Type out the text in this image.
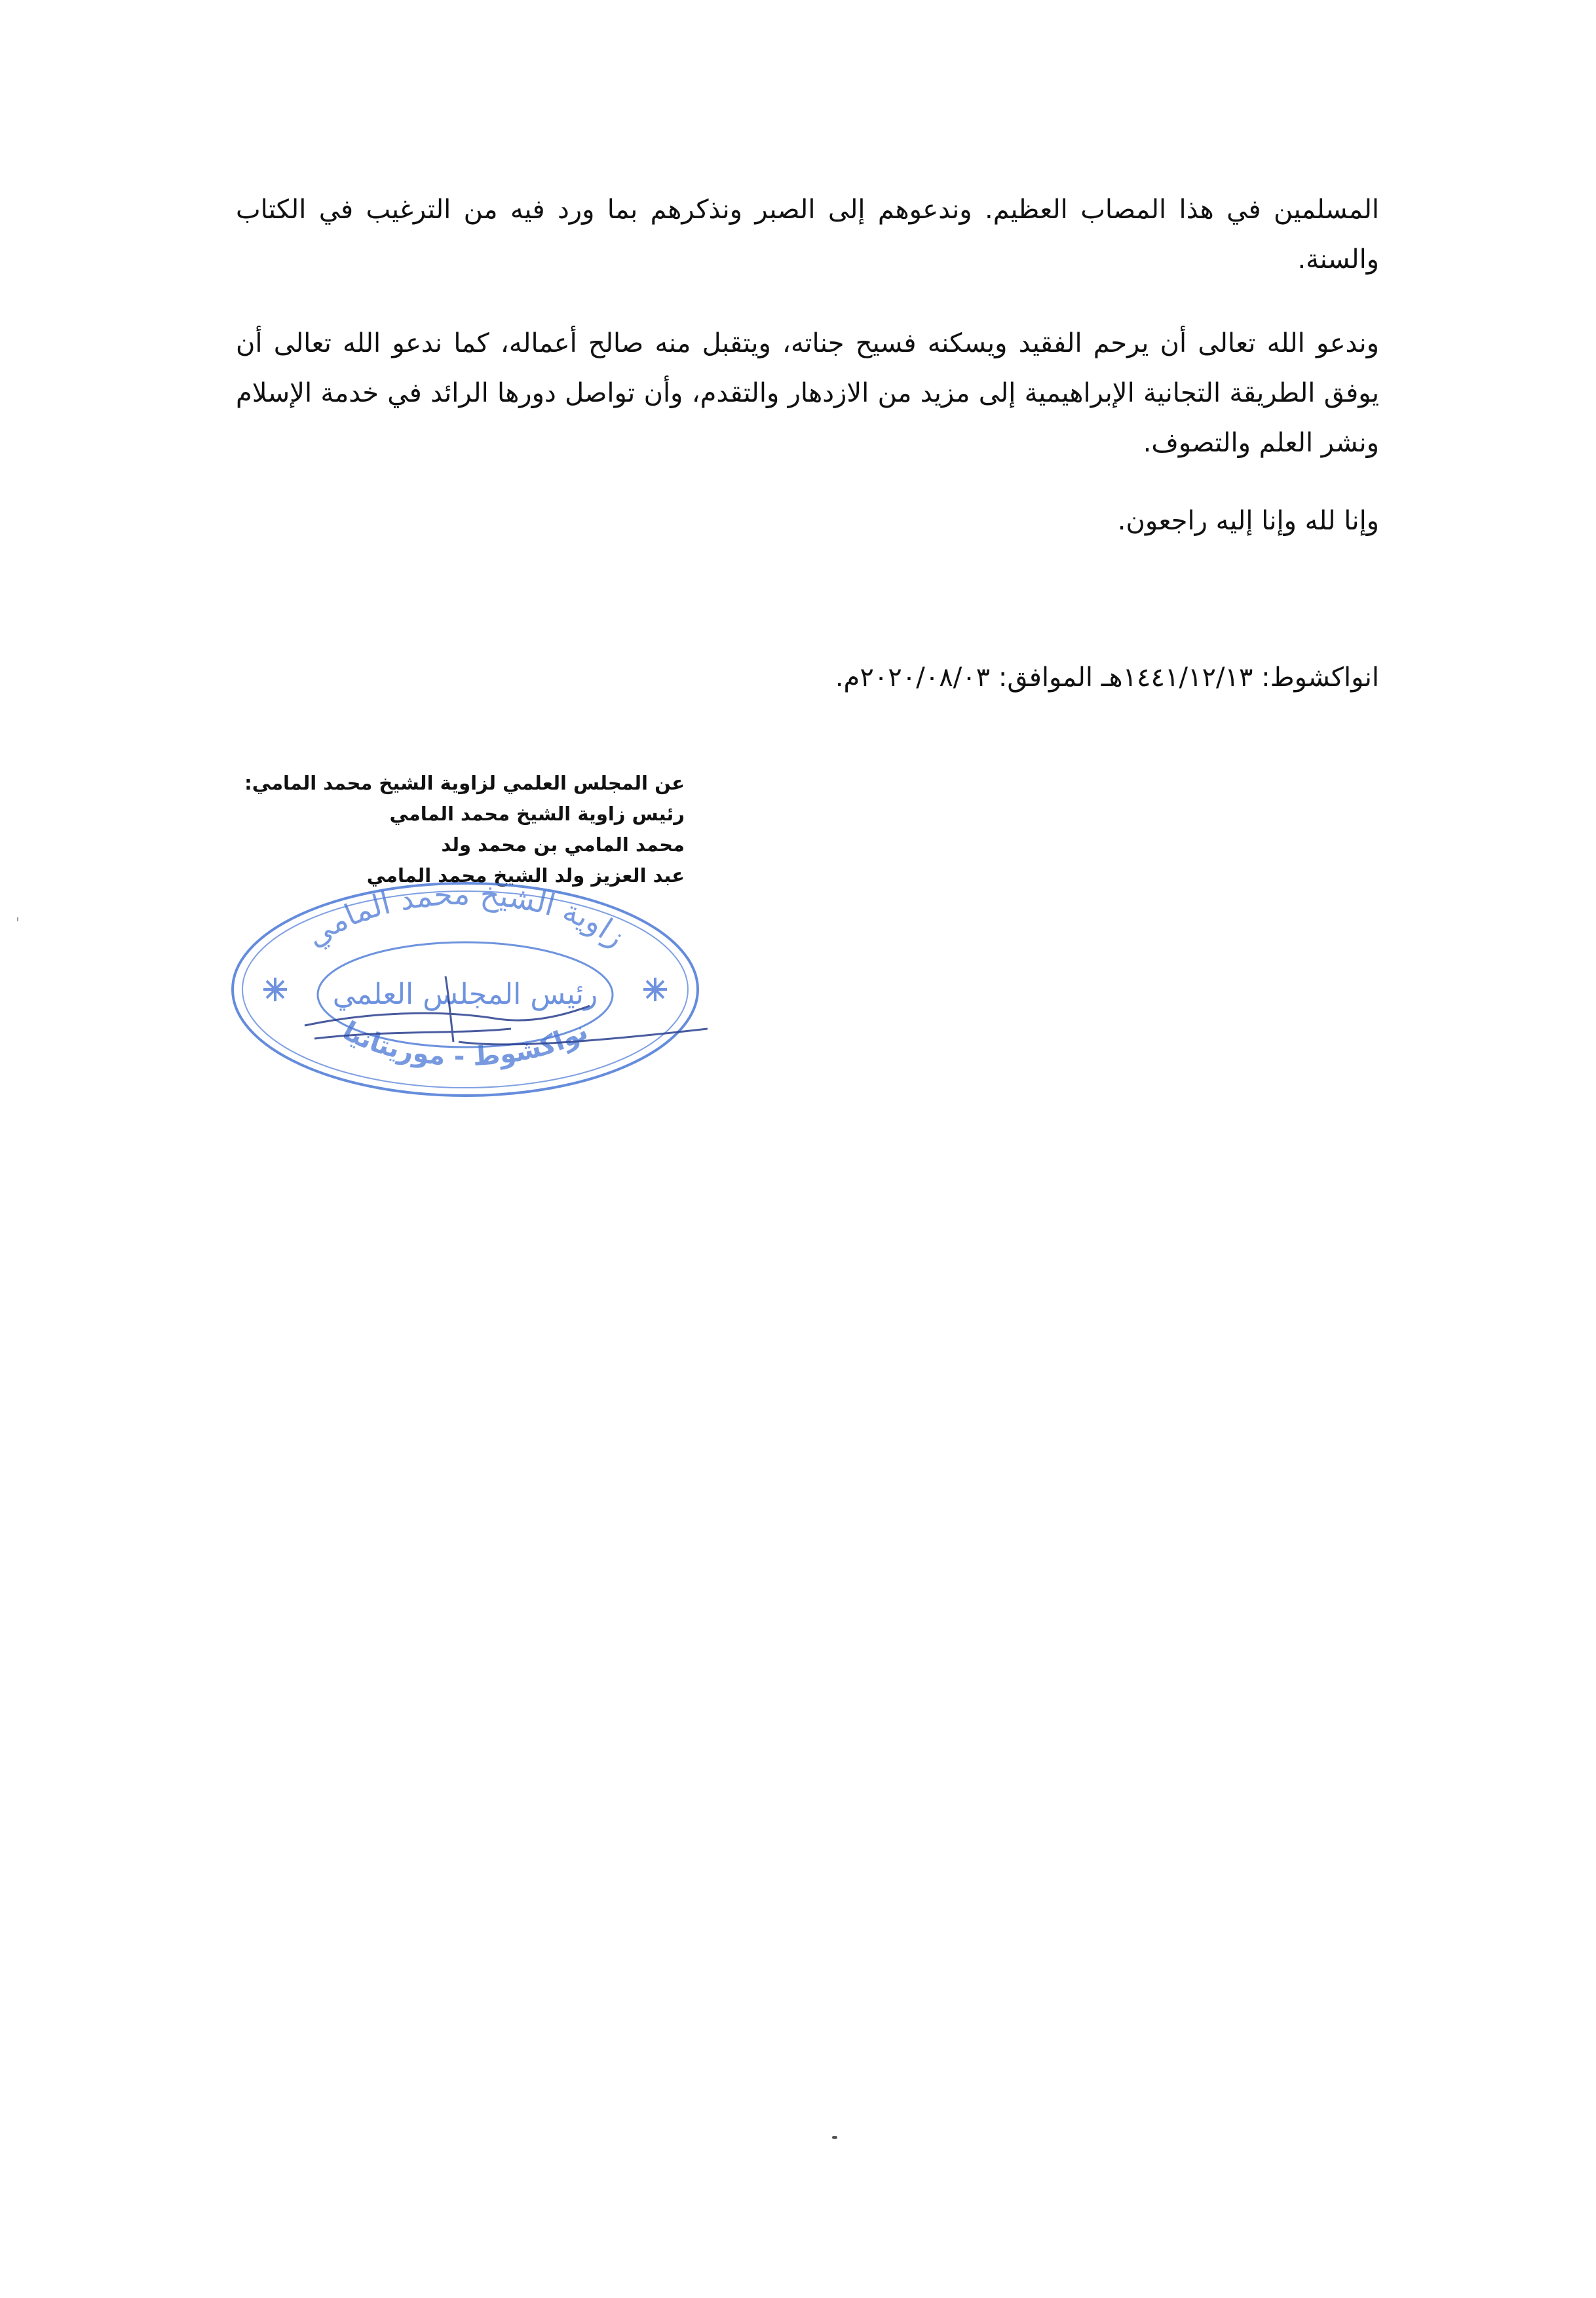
المسلمين في هذا المصاب العظيم. وندعوهم إلى الصبر ونذكرهم بما ورد فيه من الترغيب في الكتاب والسنة.

وندعو الله تعالى أن يرحم الفقيد ويسكنه فسيح جناته، ويتقبل منه صالح أعماله، كما ندعو الله تعالى أن يوفق الطريقة التجانية الإبراهيمية إلى مزيد من الازدهار والتقدم، وأن تواصل دورها الرائد في خدمة الإسلام ونشر العلم والتصوف.

وإنا لله وإنا إليه راجعون.

انواكشوط: ١٤٤١/١٢/١٣هـ الموافق: ٢٠٢٠/٠٨/٠٣م.

عن المجلس العلمي لزاوية الشيخ محمد المامي:

رئيس زاوية الشيخ محمد المامي

محمد المامي بن محمد ولد

عبد العزيز ولد الشيخ محمد المامي

زاوية الشيخ محمد المامي
رئيس المجلس العلمي
نواكشوط - موريتانيا
